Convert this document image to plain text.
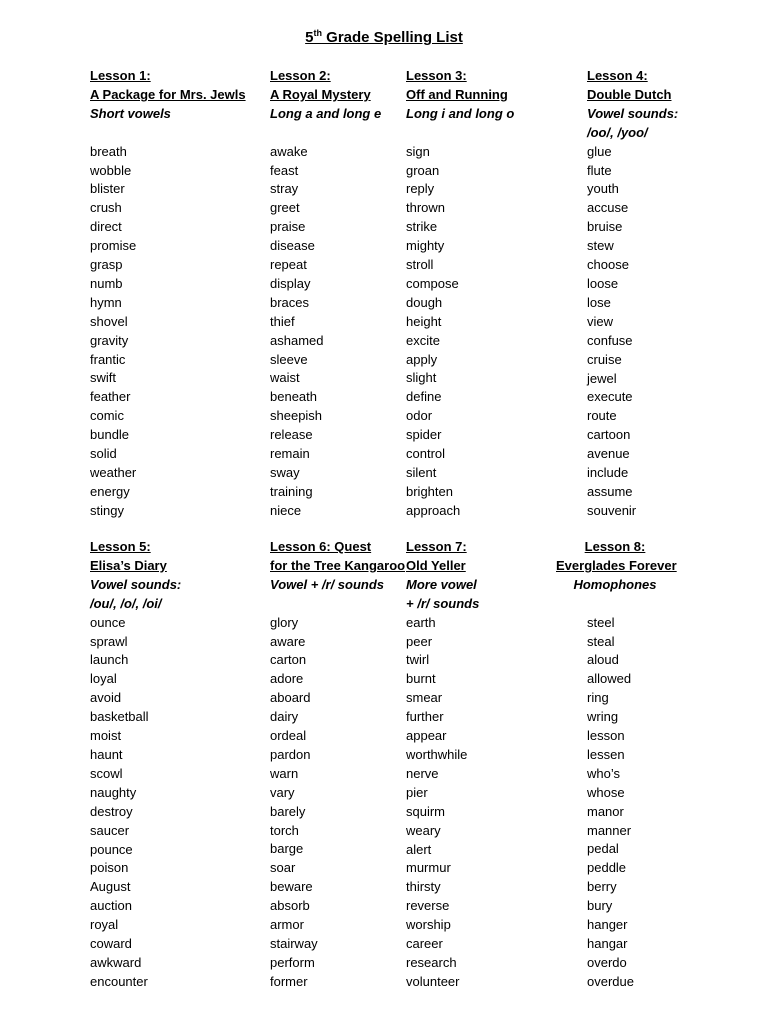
5th Grade Spelling List
Lesson 1:
A Package for Mrs. Jewls
Short vowels
breath
wobble
blister
crush
direct
promise
grasp
numb
hymn
shovel
gravity
frantic
swift
feather
comic
bundle
solid
weather
energy
stingy
Lesson 2:
A Royal Mystery
Long a and long e
awake
feast
stray
greet
praise
disease
repeat
display
braces
thief
ashamed
sleeve
waist
beneath
sheepish
release
remain
sway
training
niece
Lesson 3:
Off and Running
Long i and long o
sign
groan
reply
thrown
strike
mighty
stroll
compose
dough
height
excite
apply
slight
define
odor
spider
control
silent
brighten
approach
Lesson 4:
Double Dutch
Vowel sounds:
/oo/, /yoo/
glue
flute
youth
accuse
bruise
stew
choose
loose
lose
view
confuse
cruise
jewel
execute
route
cartoon
avenue
include
assume
souvenir
Lesson 5:
Elisa’s Diary
Vowel sounds:
/ou/, /o/, /oi/
ounce
sprawl
launch
loyal
avoid
basketball
moist
haunt
scowl
naughty
destroy
saucer
pounce
poison
August
auction
royal
coward
awkward
encounter
Lesson 6: Quest
for the Tree Kangaroo
Vowel + /r/ sounds
glory
aware
carton
adore
aboard
dairy
ordeal
pardon
warn
vary
barely
torch
barge
soar
beware
absorb
armor
stairway
perform
former
Lesson 7:
Old Yeller
More vowel
+ /r/ sounds
earth
peer
twirl
burnt
smear
further
appear
worthwhile
nerve
pier
squirm
weary
alert
murmur
thirsty
reverse
worship
career
research
volunteer
Lesson 8:
Everglades Forever
Homophones
steel
steal
aloud
allowed
ring
wring
lesson
lessen
who’s
whose
manor
manner
pedal
peddle
berry
bury
hanger
hangar
overdo
overdue
